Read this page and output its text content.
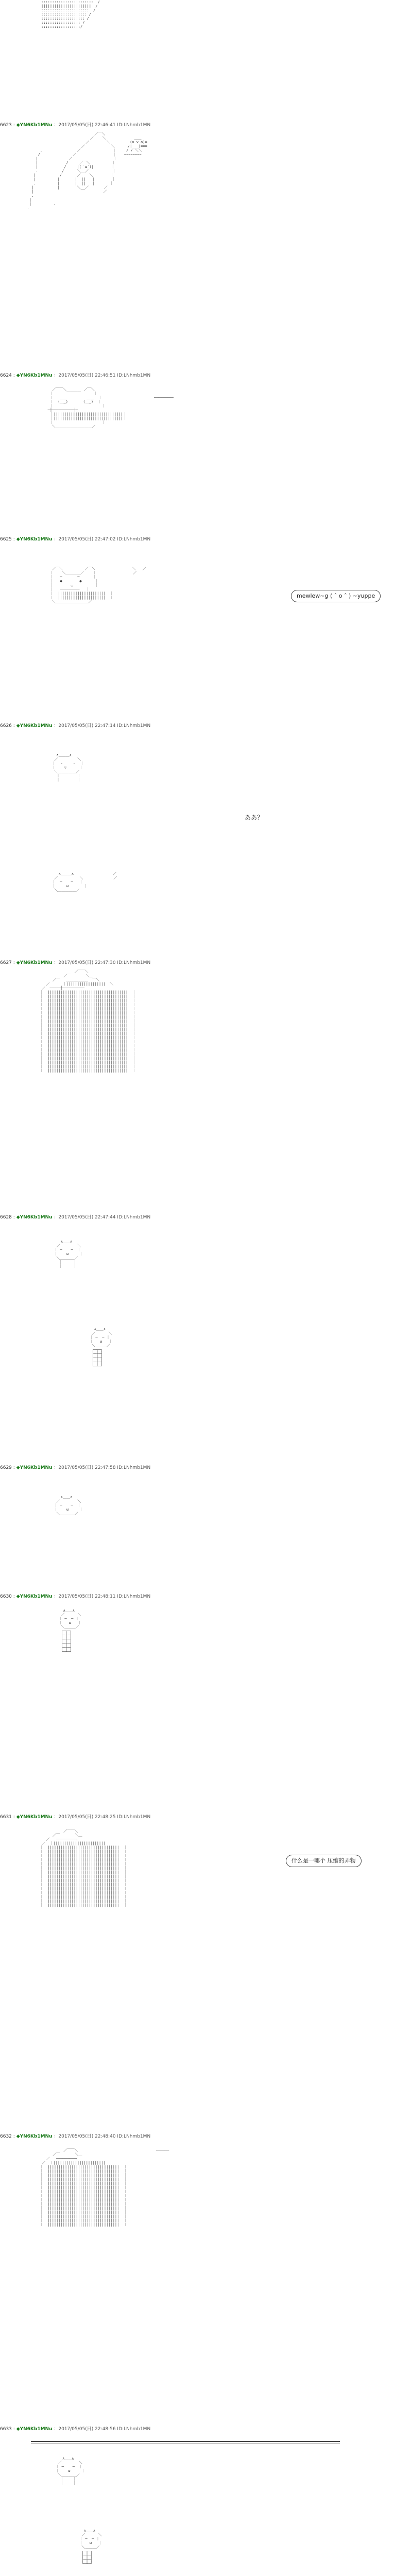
::::::::::::::::::::::::  /
|||||||||||||||||||||||  /
::::::::::::::::::::::  /
::::::::::::::::::::: /
:::::::::::::::::::: /
:::::::::::::::::: /
::::::::::::::::::/
6623 : ◆YN6Kb1MNu ：2017/05/05(日) 22:46:41 ID:LNhmb1MN
／￣＼
／    ＼             ＿＿
／        ＼         (o v o)=
／            ＼      /|___|===
.                ／               |     / / ＼＼
/               ／                 |    ~~~~~~~~
|              ／                   ｜
|             /     ／￣＼          ｜
|            /     |(｀ω´)|        ｜
.           /      ＼__／           ｜
|           /       ／    ＼        ｜
|          |       |  ||   |        ｜
.          |       |  ||   |       ｜
|           |        ＼__／       ／
|                                ／
.
|
|          .
.
6624 : ◆YN6Kb1MNu ：2017/05/05(日) 22:46:51 ID:LNhmb1MN
／￣￣＼        ／￣＼
｜      ￣￣￣￣      ｜
｜   ＿＿         ＿＿  ｜                        ─────────
｜  (＿_)       (＿_)  ｜
｜                      ｜
─┼──────────┼─
｜||||||||||||||||||||||||||||||||｜
｜||||||||||||||||||||||||||||||||｜
｜                      ｜
＼＿＿＿＿＿＿＿＿＿＿／
6625 : ◆YN6Kb1MNu ：2017/05/05(日) 22:47:02 ID:LNhmb1MN
／￣＼          ／￣＼                 ＼   ／
｜    ＼＿＿＿＿／    ｜                 ／
｜   ─       ─      ｜
｜   ●        ●      ｜
｜        ◡          ｜
｜   ─────────   ｜
｜  ||||||||||||||||||||||  ｜
｜  ||||||||||||||||||||||  ｜
＼＿＿＿＿＿＿＿＿＿／
mewlew~g ( ˆ o ˆ ) ~yuppe
6626 : ◆YN6Kb1MNu ：2017/05/05(日) 22:47:14 ID:LNhmb1MN
∧＿＿＿∧
／         ＼
｜  ・    ・  ｜
｜    ▽      ｜
＼＿＿＿＿＿／
｜        ｜
｜        ｜
ああ？
∧＿＿＿∧                  ／
／          ＼              ／
｜  ─    ─   ｜
｜     ω       ｜
＼＿＿＿＿＿／
6627 : ◆YN6Kb1MNu ：2017/05/05(日) 22:47:30 ID:LNhmb1MN
／￣￣＼
／￣       ＼＿
／￣   ＿＿＿＿＿＿  ￣＼
／      ｜||||||||||||||||||  ＼
／  ─────┼──────────
｜  |||||||||||||||||||||||||||||||||||||  ｜
｜  |||||||||||||||||||||||||||||||||||||  ｜
｜  |||||||||||||||||||||||||||||||||||||  ｜
｜  |||||||||||||||||||||||||||||||||||||  ｜
｜  |||||||||||||||||||||||||||||||||||||  ｜
｜  |||||||||||||||||||||||||||||||||||||  ｜
｜  |||||||||||||||||||||||||||||||||||||  ｜
｜  |||||||||||||||||||||||||||||||||||||  ｜
｜  |||||||||||||||||||||||||||||||||||||  ｜
｜  |||||||||||||||||||||||||||||||||||||  ｜
｜  |||||||||||||||||||||||||||||||||||||  ｜
｜  |||||||||||||||||||||||||||||||||||||  ｜
｜  |||||||||||||||||||||||||||||||||||||  ｜
｜  |||||||||||||||||||||||||||||||||||||  ｜
｜  |||||||||||||||||||||||||||||||||||||  ｜
｜  |||||||||||||||||||||||||||||||||||||  ｜
｜  |||||||||||||||||||||||||||||||||||||  ｜
｜  |||||||||||||||||||||||||||||||||||||  ｜
｜  |||||||||||||||||||||||||||||||||||||  ｜
｜  |||||||||||||||||||||||||||||||||||||  ｜
6628 : ◆YN6Kb1MNu ：2017/05/05(日) 22:47:44 ID:LNhmb1MN
∧＿＿∧
／        ＼
｜ ─    ─  ｜
｜    ω     ｜
＼＿＿＿＿／
｜     ｜
｜     ｜
∧＿＿∧
／      ＼
｜ ─  ─ ｜
｜   ω   ｜
＼＿＿＿／
┌─┬─┐
├─┼─┤
├─┼─┤
├─┼─┤
└─┴─┘
6629 : ◆YN6Kb1MNu ：2017/05/05(日) 22:47:58 ID:LNhmb1MN
∧＿＿∧
／        ＼
｜ ─    ─  ｜
｜    ω     ｜
＼＿＿＿＿／
6630 : ◆YN6Kb1MNu ：2017/05/05(日) 22:48:11 ID:LNhmb1MN
∧＿＿∧
／      ＼
｜ ─  ─ ｜
｜   ω   ｜
＼＿＿＿／
┌─┬─┐
├─┼─┤
├─┼─┤
├─┼─┤
├─┼─┤
└─┴─┘
6631 : ◆YN6Kb1MNu ：2017/05/05(日) 22:48:25 ID:LNhmb1MN
／￣￣＼
／￣       ＼＿
／   ─────────┐
／  ｜||||||||||||||||||||||||
｜  |||||||||||||||||||||||||||||||||  ｜
｜  |||||||||||||||||||||||||||||||||  ｜
｜  |||||||||||||||||||||||||||||||||  ｜
｜  |||||||||||||||||||||||||||||||||  ｜
｜  |||||||||||||||||||||||||||||||||  ｜
｜  |||||||||||||||||||||||||||||||||  ｜
｜  |||||||||||||||||||||||||||||||||  ｜
｜  |||||||||||||||||||||||||||||||||  ｜
｜  |||||||||||||||||||||||||||||||||  ｜
｜  |||||||||||||||||||||||||||||||||  ｜
｜  |||||||||||||||||||||||||||||||||  ｜
｜  |||||||||||||||||||||||||||||||||  ｜
｜  |||||||||||||||||||||||||||||||||  ｜
｜  |||||||||||||||||||||||||||||||||  ｜
｜  |||||||||||||||||||||||||||||||||  ｜
什么是一哪个 压缩的弄物
6632 : ◆YN6Kb1MNu ：2017/05/05(日) 22:48:40 ID:LNhmb1MN
／￣￣＼                                    ──────
／￣       ＼＿
／   ─────────┐
／  ｜||||||||||||||||||||||||
｜  |||||||||||||||||||||||||||||||||  ｜
｜  |||||||||||||||||||||||||||||||||  ｜
｜  |||||||||||||||||||||||||||||||||  ｜
｜  |||||||||||||||||||||||||||||||||  ｜
｜  |||||||||||||||||||||||||||||||||  ｜
｜  |||||||||||||||||||||||||||||||||  ｜
｜  |||||||||||||||||||||||||||||||||  ｜
｜  |||||||||||||||||||||||||||||||||  ｜
｜  |||||||||||||||||||||||||||||||||  ｜
｜  |||||||||||||||||||||||||||||||||  ｜
｜  |||||||||||||||||||||||||||||||||  ｜
｜  |||||||||||||||||||||||||||||||||  ｜
｜  |||||||||||||||||||||||||||||||||  ｜
｜  |||||||||||||||||||||||||||||||||  ｜
｜  |||||||||||||||||||||||||||||||||  ｜
6633 : ◆YN6Kb1MNu ：2017/05/05(日) 22:48:56 ID:LNhmb1MN
∧＿＿∧
／        ＼
｜ ─    ─  ｜
｜    ω     ｜
＼＿＿＿＿／
｜    ｜
｜    ｜
∧＿＿∧
／      ＼
｜ ─  ─ ｜
｜   ω   ｜
＼＿＿＿／
┌─┬─┐
├─┼─┤
├─┼─┤
└─┴─┘
